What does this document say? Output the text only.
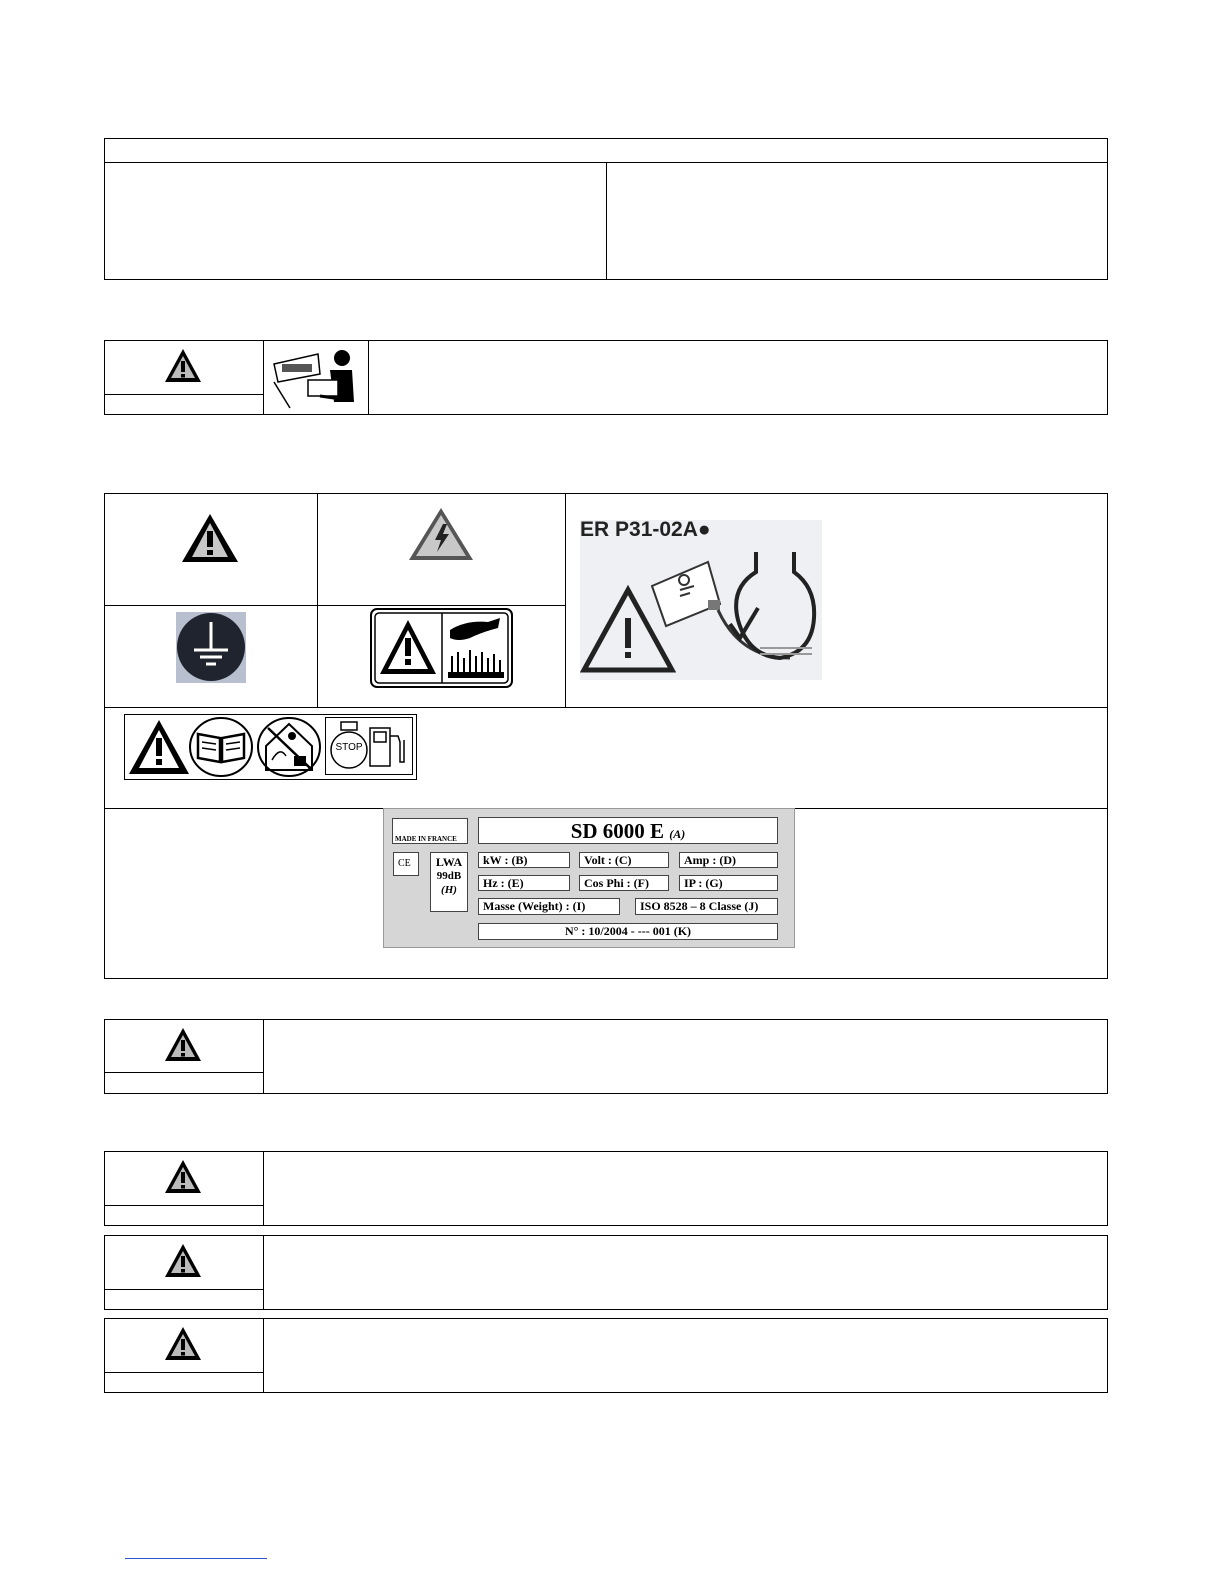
ER P31-02A●
STOP
MADE IN FRANCE	SD 6000 E (A)
CE	LWA
99dB
(H)
kW : (B)	Volt : (C)	Amp : (D)
Hz : (E)	Cos Phi : (F)	IP : (G)
Masse (Weight) : (I)	ISO 8528 – 8 Classe (J)
N° : 10/2004 - --- 001 (K)
